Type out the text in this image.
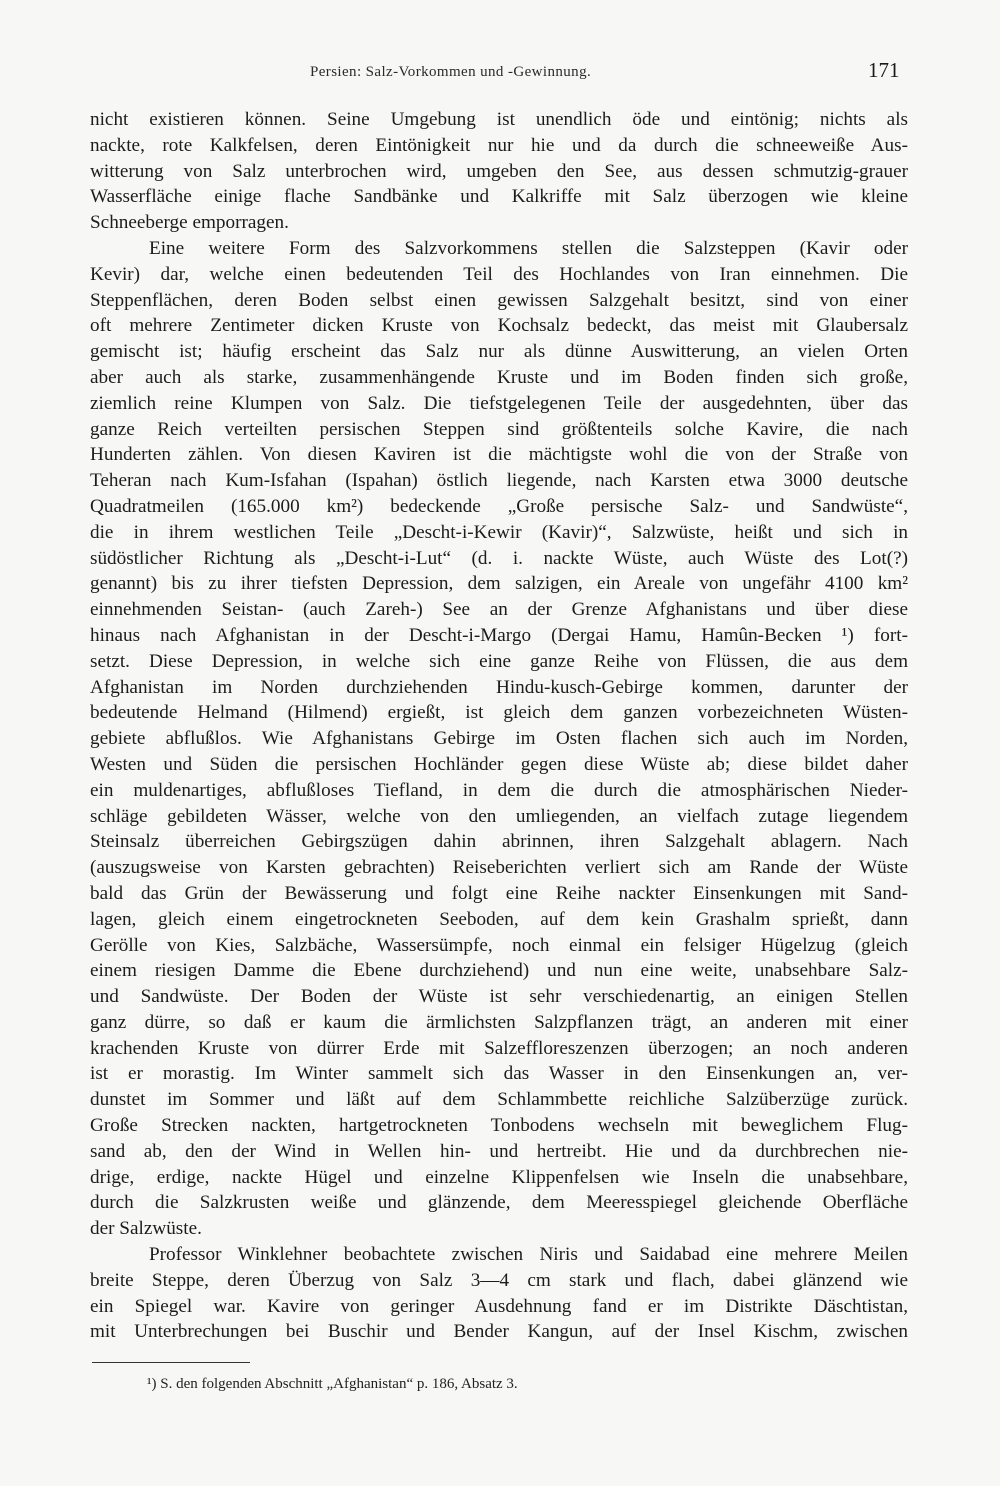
Persien: Salz-Vorkommen und -Gewinnung.	171
nicht existieren können. Seine Umgebung ist unendlich öde und eintönig; nichts als
nackte, rote Kalkfelsen, deren Eintönigkeit nur hie und da durch die schneeweiße Aus-
witterung von Salz unterbrochen wird, umgeben den See, aus dessen schmutzig-grauer
Wasserfläche einige flache Sandbänke und Kalkriffe mit Salz überzogen wie kleine
Schneeberge emporragen.
Eine weitere Form des Salzvorkommens stellen die Salzsteppen (Kavir oder
Kevir) dar, welche einen bedeutenden Teil des Hochlandes von Iran einnehmen. Die
Steppenflächen, deren Boden selbst einen gewissen Salzgehalt besitzt, sind von einer
oft mehrere Zentimeter dicken Kruste von Kochsalz bedeckt, das meist mit Glaubersalz
gemischt ist; häufig erscheint das Salz nur als dünne Auswitterung, an vielen Orten
aber auch als starke, zusammenhängende Kruste und im Boden finden sich große,
ziemlich reine Klumpen von Salz. Die tiefstgelegenen Teile der ausgedehnten, über das
ganze Reich verteilten persischen Steppen sind größtenteils solche Kavire, die nach
Hunderten zählen. Von diesen Kaviren ist die mächtigste wohl die von der Straße von
Teheran nach Kum-Isfahan (Ispahan) östlich liegende, nach Karsten etwa 3000 deutsche
Quadratmeilen (165.000 km²) bedeckende „Große persische Salz- und Sandwüste“,
die in ihrem westlichen Teile „Descht-i-Kewir (Kavir)“, Salzwüste, heißt und sich in
südöstlicher Richtung als „Descht-i-Lut“ (d. i. nackte Wüste, auch Wüste des Lot(?)
genannt) bis zu ihrer tiefsten Depression, dem salzigen, ein Areale von ungefähr 4100 km²
einnehmenden Seistan- (auch Zareh-) See an der Grenze Afghanistans und über diese
hinaus nach Afghanistan in der Descht-i-Margo (Dergai Hamu, Hamûn-Becken ¹) fort-
setzt. Diese Depression, in welche sich eine ganze Reihe von Flüssen, die aus dem
Afghanistan im Norden durchziehenden Hindu-kusch-Gebirge kommen, darunter der
bedeutende Helmand (Hilmend) ergießt, ist gleich dem ganzen vorbezeichneten Wüsten-
gebiete abflußlos. Wie Afghanistans Gebirge im Osten flachen sich auch im Norden,
Westen und Süden die persischen Hochländer gegen diese Wüste ab; diese bildet daher
ein muldenartiges, abflußloses Tiefland, in dem die durch die atmosphärischen Nieder-
schläge gebildeten Wässer, welche von den umliegenden, an vielfach zutage liegendem
Steinsalz überreichen Gebirgszügen dahin abrinnen, ihren Salzgehalt ablagern. Nach
(auszugsweise von Karsten gebrachten) Reiseberichten verliert sich am Rande der Wüste
bald das Grün der Bewässerung und folgt eine Reihe nackter Einsenkungen mit Sand-
lagen, gleich einem eingetrockneten Seeboden, auf dem kein Grashalm sprießt, dann
Gerölle von Kies, Salzbäche, Wassersümpfe, noch einmal ein felsiger Hügelzug (gleich
einem riesigen Damme die Ebene durchziehend) und nun eine weite, unabsehbare Salz-
und Sandwüste. Der Boden der Wüste ist sehr verschiedenartig, an einigen Stellen
ganz dürre, so daß er kaum die ärmlichsten Salzpflanzen trägt, an anderen mit einer
krachenden Kruste von dürrer Erde mit Salzeffloreszenzen überzogen; an noch anderen
ist er morastig. Im Winter sammelt sich das Wasser in den Einsenkungen an, ver-
dunstet im Sommer und läßt auf dem Schlammbette reichliche Salzüberzüge zurück.
Große Strecken nackten, hartgetrockneten Tonbodens wechseln mit beweglichem Flug-
sand ab, den der Wind in Wellen hin- und hertreibt. Hie und da durchbrechen nie-
drige, erdige, nackte Hügel und einzelne Klippenfelsen wie Inseln die unabsehbare,
durch die Salzkrusten weiße und glänzende, dem Meeresspiegel gleichende Oberfläche
der Salzwüste.
Professor Winklehner beobachtete zwischen Niris und Saidabad eine mehrere Meilen
breite Steppe, deren Überzug von Salz 3—4 cm stark und flach, dabei glänzend wie
ein Spiegel war. Kavire von geringer Ausdehnung fand er im Distrikte Däschtistan,
mit Unterbrechungen bei Buschir und Bender Kangun, auf der Insel Kischm, zwischen
¹) S. den folgenden Abschnitt „Afghanistan“ p. 186, Absatz 3.
